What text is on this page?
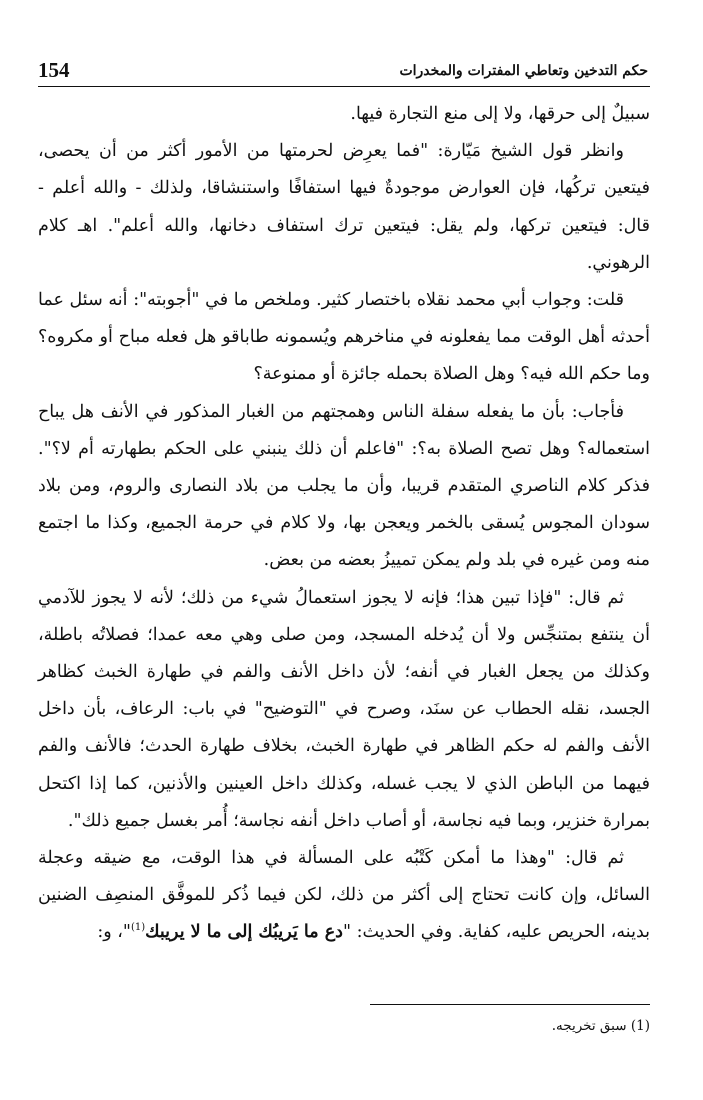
154	حكم التدخين وتعاطي المفترات والمخدرات

سبيلٌ إلى حرقها، ولا إلى منع التجارة فيها.

وانظر قول الشيخ مَيّارة: "فما يعرِض لحرمتها من الأمور أكثر من أن يحصى، فيتعين تركُها، فإن العوارض موجودةٌ فيها استفافًا واستنشاقا، ولذلك - والله أعلم - قال: فيتعين تركها، ولم يقل: فيتعين ترك استفاف دخانها، والله أعلم". اهـ كلام الرهوني.

قلت: وجواب أبي محمد نقلاه باختصار كثير. وملخص ما في "أجوبته": أنه سئل عما أحدثه أهل الوقت مما يفعلونه في مناخرهم ويُسمونه طاباقو هل فعله مباح أو مكروه؟ وما حكم الله فيه؟ وهل الصلاة بحمله جائزة أو ممنوعة؟

فأجاب: بأن ما يفعله سفلة الناس وهمجتهم من الغبار المذكور في الأنف هل يباح استعماله؟ وهل تصح الصلاة به؟: "فاعلم أن ذلك ينبني على الحكم بطهارته أم لا؟". فذكر كلام الناصري المتقدم قريبا، وأن ما يجلب من بلاد النصارى والروم، ومن بلاد سودان المجوس يُسقى بالخمر ويعجن بها، ولا كلام في حرمة الجميع، وكذا ما اجتمع منه ومن غيره في بلد ولم يمكن تمييزُ بعضه من بعض.

ثم قال: "فإذا تبين هذا؛ فإنه لا يجوز استعمالُ شيء من ذلك؛ لأنه لا يجوز للآدمي أن ينتفع بمتنجِّس ولا أن يُدخله المسجد، ومن صلى وهي معه عمدا؛ فصلاتُه باطلة، وكذلك من يجعل الغبار في أنفه؛ لأن داخل الأنف والفم في طهارة الخبث كظاهر الجسد، نقله الحطاب عن سنَد، وصرح في "التوضيح" في باب: الرعاف، بأن داخل الأنف والفم له حكم الظاهر في طهارة الخبث، بخلاف طهارة الحدث؛ فالأنف والفم فيهما من الباطن الذي لا يجب غسله، وكذلك داخل العينين والأذنين، كما إذا اكتحل بمرارة خنزير، وبما فيه نجاسة، أو أصاب داخل أنفه نجاسة؛ أُمر بغسل جميع ذلك".

ثم قال: "وهذا ما أمكن كَتْبُه على المسألة في هذا الوقت، مع ضيقه وعجلة السائل، وإن كانت تحتاج إلى أكثر من ذلك، لكن فيما ذُكر للموفَّق المنصِف الضنين بدينه، الحريص عليه، كفاية. وفي الحديث: "دع ما يَريبُك إلى ما لا يريبك$^{(1)}$"، و:

(1) سبق تخريجه.
